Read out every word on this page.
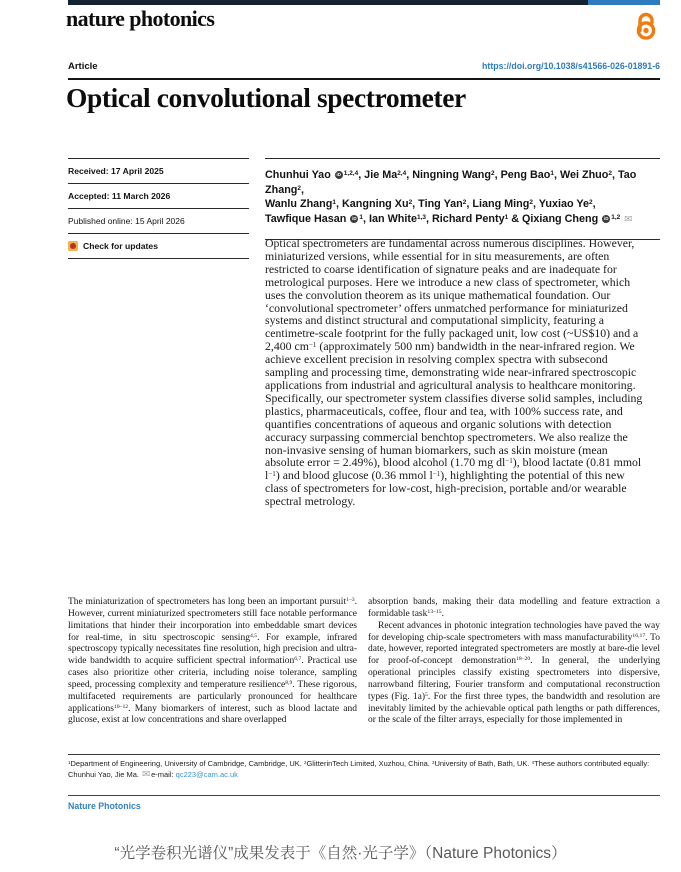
nature photonics
Article	https://doi.org/10.1038/s41566-026-01891-6
Optical convolutional spectrometer
Received: 17 April 2025
Accepted: 11 March 2026
Published online: 15 April 2026
Check for updates
Chunhui Yao iD $^{1,2,4}$, Jie Ma$^{2,4}$, Ningning Wang$^2$, Peng Bao$^1$, Wei Zhuo$^2$, Tao Zhang$^2$,
Wanlu Zhang$^1$, Kangning Xu$^2$, Ting Yan$^2$, Liang Ming$^2$, Yuxiao Ye$^2$,
Tawfique Hasan iD $^1$, Ian White$^{1,3}$, Richard Penty$^1$ & Qixiang Cheng iD $^{1,2}$ ✉
Optical spectrometers are fundamental across numerous disciplines. However, miniaturized versions, while essential for in situ measurements, are often restricted to coarse identification of signature peaks and are inadequate for metrological purposes. Here we introduce a new class of spectrometer, which uses the convolution theorem as its unique mathematical foundation. Our ‘convolutional spectrometer’ offers unmatched performance for miniaturized systems and distinct structural and computational simplicity, featuring a centimetre-scale footprint for the fully packaged unit, low cost (~US$10) and a 2,400 $cm^{-1}$ (approximately 500 nm) bandwidth in the near-infrared region. We achieve excellent precision in resolving complex spectra with subsecond sampling and processing time, demonstrating wide near-infrared spectroscopic applications from industrial and agricultural analysis to healthcare monitoring. Specifically, our spectrometer system classifies diverse solid samples, including plastics, pharmaceuticals, coffee, flour and tea, with 100% success rate, and quantifies concentrations of aqueous and organic solutions with detection accuracy surpassing commercial benchtop spectrometers. We also realize the non-invasive sensing of human biomarkers, such as skin moisture (mean absolute error = 2.49%), blood alcohol (1.70 mg $dl^{-1}$), blood lactate (0.81 mmol $l^{-1}$) and blood glucose (0.36 mmol $l^{-1}$), highlighting the potential of this new class of spectrometers for low-cost, high-precision, portable and/or wearable spectral metrology.

The miniaturization of spectrometers has long been an important pursuit$^{1-3}$. However, current miniaturized spectrometers still face notable performance limitations that hinder their incorporation into embeddable smart devices for real-time, in situ spectroscopic sensing$^{4,5}$. For example, infrared spectroscopy typically necessitates fine resolution, high precision and ultra-wide bandwidth to acquire sufficient spectral information$^{6,7}$. Practical use cases also prioritize other criteria, including noise tolerance, sampling speed, processing complexity and temperature resilience$^{8,9}$. These rigorous, multifaceted requirements are particularly pronounced for healthcare applications$^{10-12}$. Many biomarkers of interest, such as blood lactate and glucose, exist at low concentrations and share overlapped

absorption bands, making their data modelling and feature extraction a formidable task$^{13-15}$.

Recent advances in photonic integration technologies have paved the way for developing chip-scale spectrometers with mass manufacturability$^{16,17}$. To date, however, reported integrated spectrometers are mostly at bare-die level for proof-of-concept demonstration$^{18-20}$. In general, the underlying operational principles classify existing spectrometers into dispersive, narrowband filtering, Fourier transform and computational reconstruction types (Fig. 1a)$^5$. For the first three types, the bandwidth and resolution are inevitably limited by the achievable optical path lengths or path differences, or the scale of the filter arrays, especially for those implemented in

$^1$Department of Engineering, University of Cambridge, Cambridge, UK. $^2$GlitterinTech Limited, Xuzhou, China. $^3$University of Bath, Bath, UK. $^4$These authors contributed equally: Chunhui Yao, Jie Ma. ✉e-mail: qc223@cam.ac.uk
Nature Photonics
“光学卷积光谱仪”成果发表于《自然·光子学》（Nature Photonics）
